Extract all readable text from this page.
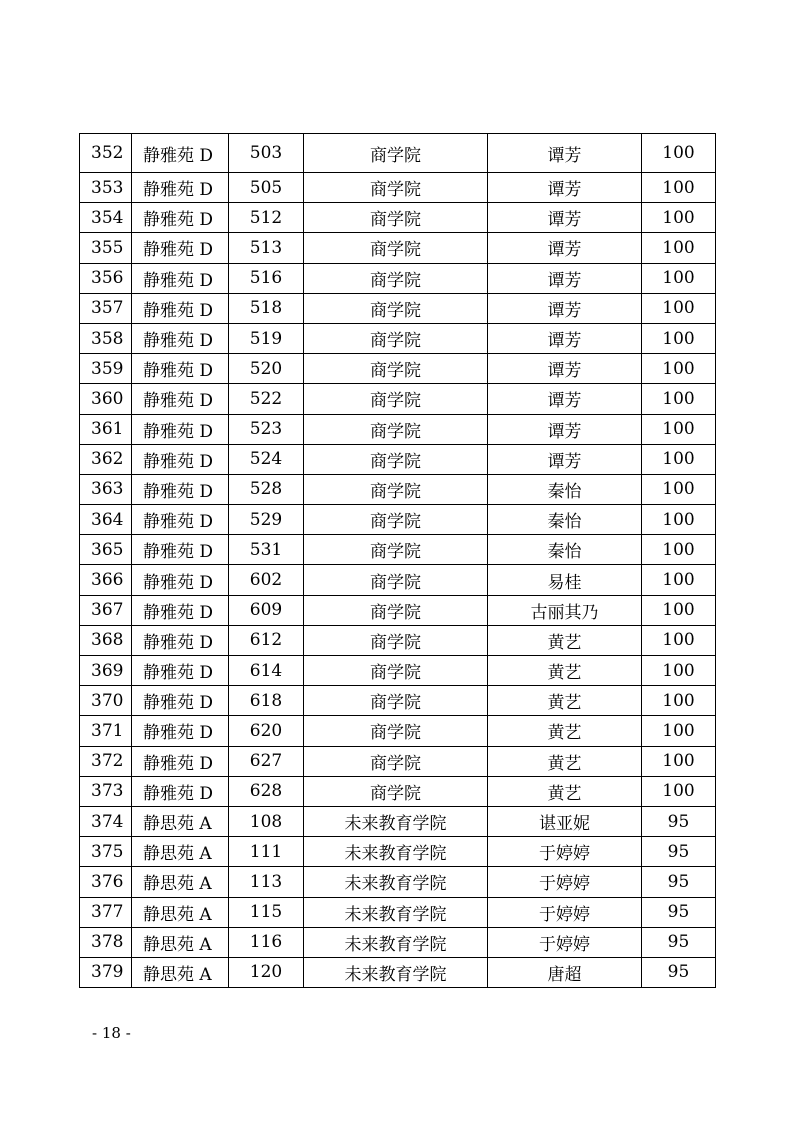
352	静雅苑 D	503	商学院	谭芳	100
353	静雅苑 D	505	商学院	谭芳	100
354	静雅苑 D	512	商学院	谭芳	100
355	静雅苑 D	513	商学院	谭芳	100
356	静雅苑 D	516	商学院	谭芳	100
357	静雅苑 D	518	商学院	谭芳	100
358	静雅苑 D	519	商学院	谭芳	100
359	静雅苑 D	520	商学院	谭芳	100
360	静雅苑 D	522	商学院	谭芳	100
361	静雅苑 D	523	商学院	谭芳	100
362	静雅苑 D	524	商学院	谭芳	100
363	静雅苑 D	528	商学院	秦怡	100
364	静雅苑 D	529	商学院	秦怡	100
365	静雅苑 D	531	商学院	秦怡	100
366	静雅苑 D	602	商学院	易桂	100
367	静雅苑 D	609	商学院	古丽其乃	100
368	静雅苑 D	612	商学院	黄艺	100
369	静雅苑 D	614	商学院	黄艺	100
370	静雅苑 D	618	商学院	黄艺	100
371	静雅苑 D	620	商学院	黄艺	100
372	静雅苑 D	627	商学院	黄艺	100
373	静雅苑 D	628	商学院	黄艺	100
374	静思苑 A	108	未来教育学院	谌亚妮	95
375	静思苑 A	111	未来教育学院	于婷婷	95
376	静思苑 A	113	未来教育学院	于婷婷	95
377	静思苑 A	115	未来教育学院	于婷婷	95
378	静思苑 A	116	未来教育学院	于婷婷	95
379	静思苑 A	120	未来教育学院	唐超	95
- 18 -
